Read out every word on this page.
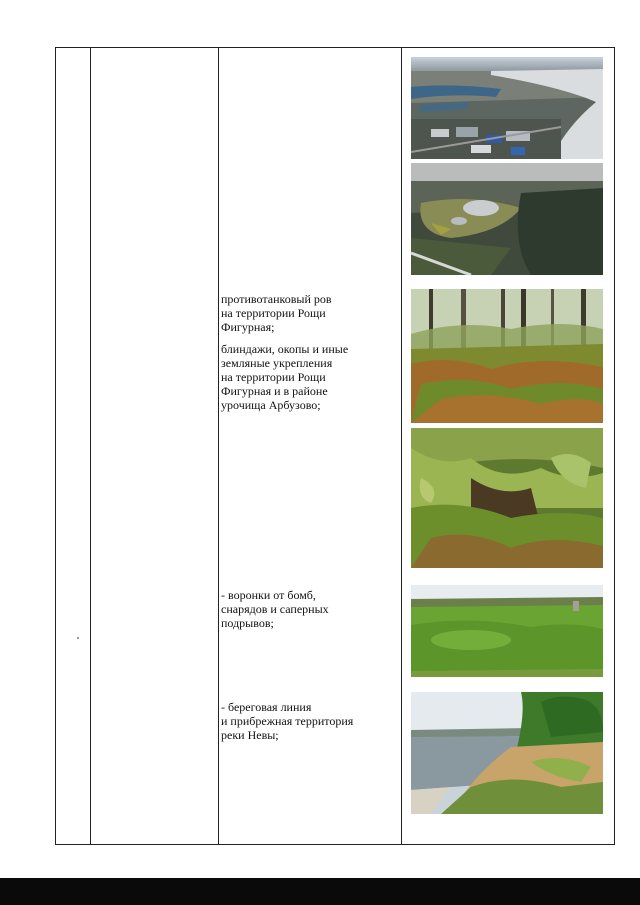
противотанковый ров
на территории Рощи
Фигурная;
блиндажи, окопы и иные
земляные укрепления
на территории Рощи
Фигурная и в районе
урочища Арбузово;
- воронки от бомб,
снарядов и саперных
подрывов;
- береговая линия
и прибрежная территория
реки Невы;
